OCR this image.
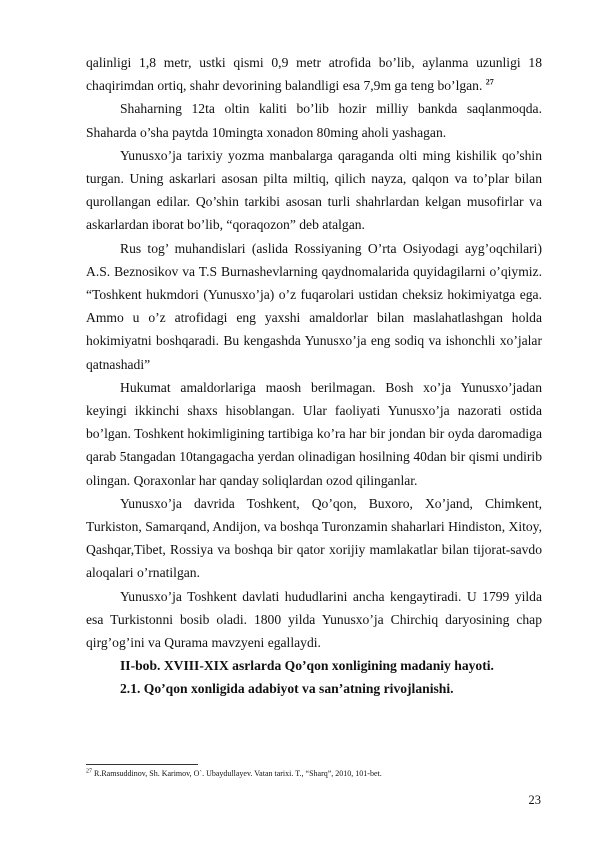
qalinligi 1,8 metr, ustki qismi 0,9 metr atrofida bo’lib, aylanma uzunligi 18 chaqirimdan ortiq, shahr devorining balandligi esa 7,9m ga teng bo’lgan. $^{27}$

Shaharning 12ta oltin kaliti bo’lib hozir milliy bankda saqlanmoqda. Shaharda o’sha paytda 10mingta xonadon 80ming aholi yashagan.

Yunusxo’ja tarixiy yozma manbalarga qaraganda olti ming kishilik qo’shin turgan. Uning askarlari asosan pilta miltiq, qilich nayza, qalqon va to’plar bilan qurollangan edilar. Qo’shin tarkibi asosan turli shahrlardan kelgan musofirlar va askarlardan iborat bo’lib, “qoraqozon” deb atalgan.

Rus tog’ muhandislari (aslida Rossiyaning O’rta Osiyodagi ayg’oqchilari) A.S. Beznosikov va T.S Burnashevlarning qaydnomalarida quyidagilarni o’qiymiz. “Toshkent hukmdori (Yunusxo’ja) o’z fuqarolari ustidan cheksiz hokimiyatga ega. Ammo u o’z atrofidagi eng yaxshi amaldorlar bilan maslahatlashgan holda hokimiyatni boshqaradi. Bu kengashda Yunusxo’ja eng sodiq va ishonchli xo’jalar qatnashadi”

Hukumat amaldorlariga maosh berilmagan. Bosh xo’ja Yunusxo’jadan keyingi ikkinchi shaxs hisoblangan. Ular faoliyati Yunusxo’ja nazorati ostida bo’lgan. Toshkent hokimligining tartibiga ko’ra har bir jondan bir oyda daromadiga qarab 5tangadan 10tangagacha yerdan olinadigan hosilning 40dan bir qismi undirib olingan. Qoraxonlar har qanday soliqlardan ozod qilinganlar.

Yunusxo’ja davrida Toshkent, Qo’qon, Buxoro, Xo’jand, Chimkent, Turkiston, Samarqand, Andijon, va boshqa Turonzamin shaharlari Hindiston, Xitoy, Qashqar,Tibet, Rossiya va boshqa bir qator xorijiy mamlakatlar bilan tijorat-savdo aloqalari o’rnatilgan.

Yunusxo’ja Toshkent davlati hududlarini ancha kengaytiradi. U 1799 yilda esa Turkistonni bosib oladi. 1800 yilda Yunusxo’ja Chirchiq daryosining chap qirg’og’ini va Qurama mavzyeni egallaydi.

II-bob. XVIII-XIX asrlarda Qo’qon xonligining madaniy hayoti.

2.1. Qo’qon xonligida adabiyot va san’atning rivojlanishi.

$^{27}$ R.Ramsuddinov, Sh. Karimov, O`. Ubaydullayev. Vatan tarixi. T., “Sharq”, 2010, 101-bet.
23
